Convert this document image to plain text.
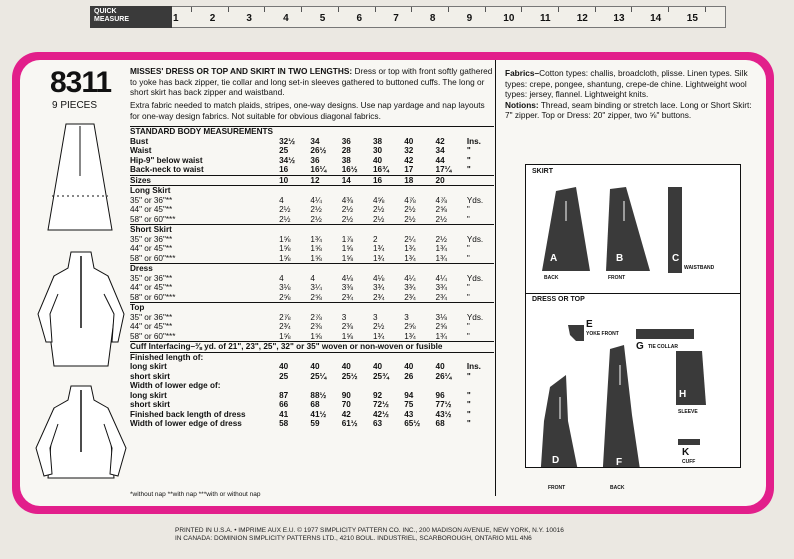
QUICK
MEASURE	1	2	3	4	5	6	7	8	9	10	11	12	13	14	15
8311
9 PIECES
MISSES' DRESS OR TOP AND SKIRT IN TWO LENGTHS: Dress or top with front softly gathered to yoke has back zipper, tie collar and long set-in sleeves gathered to buttoned cuffs. The long or short skirt has back zipper and waistband.
Extra fabric needed to match plaids, stripes, one-way designs. Use nap yardage and nap layouts for one-way design fabrics. Not suitable for obvious diagonal fabrics.
STANDARD BODY MEASUREMENTS							
Bust	32½	34	36	38	40	42	Ins.
Waist	25	26½	28	30	32	34	"
Hip-9" below waist	34½	36	38	40	42	44	"
Back-neck to waist	16	16¼	16½	16¾	17	17¼	"
Sizes	10	12	14	16	18	20	
Long Skirt							
35" or 36"**	4	4¼	4⅜	4⅝	4⅞	4⅞	Yds.
44" or 45"**	2½	2½	2½	2½	2½	2⅝	"
58" or 60"***	2½	2½	2½	2½	2½	2½	"
Short Skirt							
35" or 36"**	1⅝	1¾	1⅞	2	2¼	2½	Yds.
44" or 45"**	1⅝	1⅝	1⅝	1¾	1¾	1¾	"
58" or 60"***	1⅝	1⅝	1⅝	1¾	1¾	1¾	"
Dress							
35" or 36"**	4	4	4⅛	4⅛	4¼	4¼	Yds.
44" or 45"**	3⅛	3¼	3⅜	3¾	3¾	3¾	"
58" or 60"***	2⅝	2⅝	2¾	2¾	2¾	2¾	"
Top							
35" or 36"**	2⅞	2⅞	3	3	3	3⅛	Yds.
44" or 45"**	2¾	2⅜	2⅜	2½	2⅝	2⅝	"
58" or 60"***	1⅝	1⅝	1⅝	1¾	1¾	1¾	"
Cuff Interfacing–⅜ yd. of 21", 23", 25", 32" or 35" woven or non-woven or fusible							
Finished length of:							
long skirt	40	40	40	40	40	40	Ins.
short skirt	25	25¼	25½	25¾	26	26¼	"
Width of lower edge of:							
long skirt	87	88½	90	92	94	96	"
short skirt	66	68	70	72½	75	77½	"
Finished back length of dress	41	41½	42	42½	43	43½	"
Width of lower edge of dress	58	59	61½	63	65½	68	"
*without nap **with nap ***with or without nap
Fabrics–Cotton types: challis, broadcloth, plisse. Linen types. Silk types: crepe, pongee, shantung, crepe-de chine. Lightweight wool types: jersey, flannel. Lightweight knits.
Notions: Thread, seam binding or stretch lace. Long or Short Skirt: 7" zipper. Top or Dress: 20" zipper, two ⅝" buttons.
SKIRT
DRESS OR TOP
A
BACK
B
FRONT
C
WAISTBAND
E
YOKE FRONT
G TIE COLLAR
H
SLEEVE
D
FRONT
F
BACK
K
CUFF
PRINTED IN U.S.A. • IMPRIME AUX E.U. © 1977 SIMPLICITY PATTERN CO. INC., 200 MADISON AVENUE, NEW YORK, N.Y. 10016
IN CANADA: DOMINION SIMPLICITY PATTERNS LTD., 4210 BOUL. INDUSTRIEL, SCARBOROUGH, ONTARIO M1L 4N6
